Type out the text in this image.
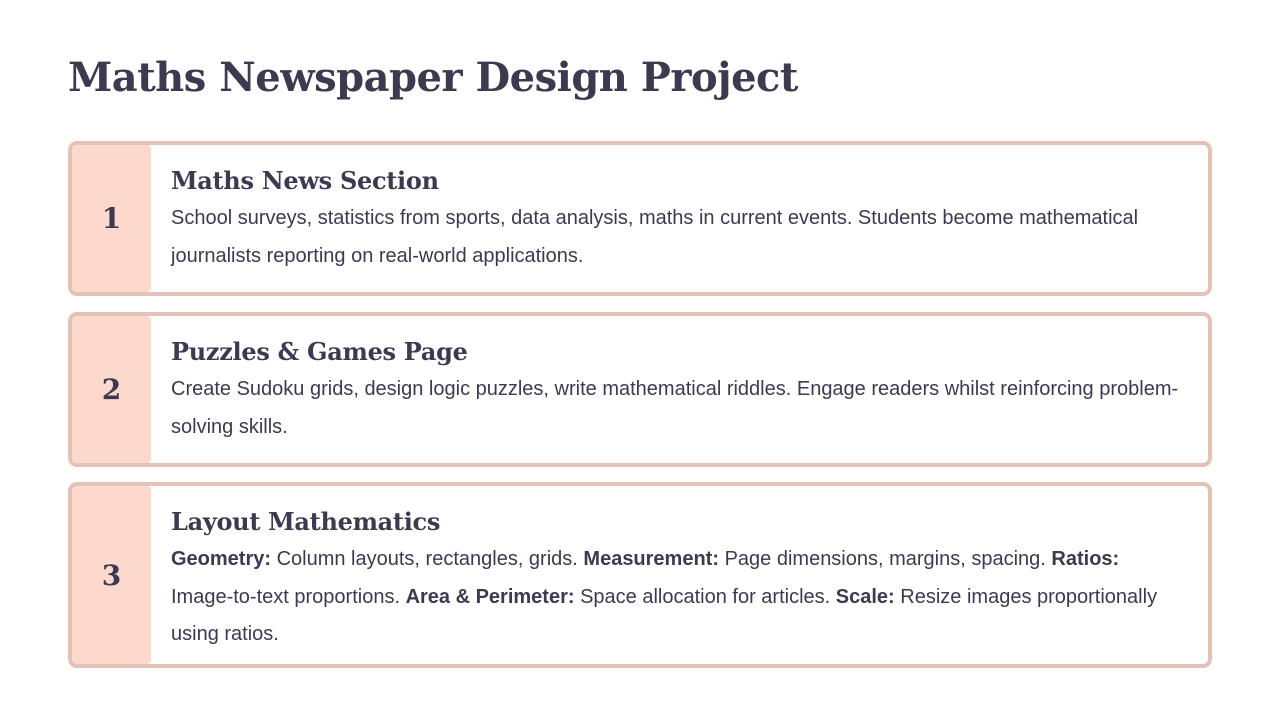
Maths Newspaper Design Project
1
Maths News Section

School surveys, statistics from sports, data analysis, maths in current events. Students become mathematical journalists reporting on real-world applications.

2
Puzzles & Games Page

Create Sudoku grids, design logic puzzles, write mathematical riddles. Engage readers whilst reinforcing problem-solving skills.

3
Layout Mathematics

Geometry: Column layouts, rectangles, grids. Measurement: Page dimensions, margins, spacing. Ratios: Image-to-text proportions. Area & Perimeter: Space allocation for articles. Scale: Resize images proportionally using ratios.
